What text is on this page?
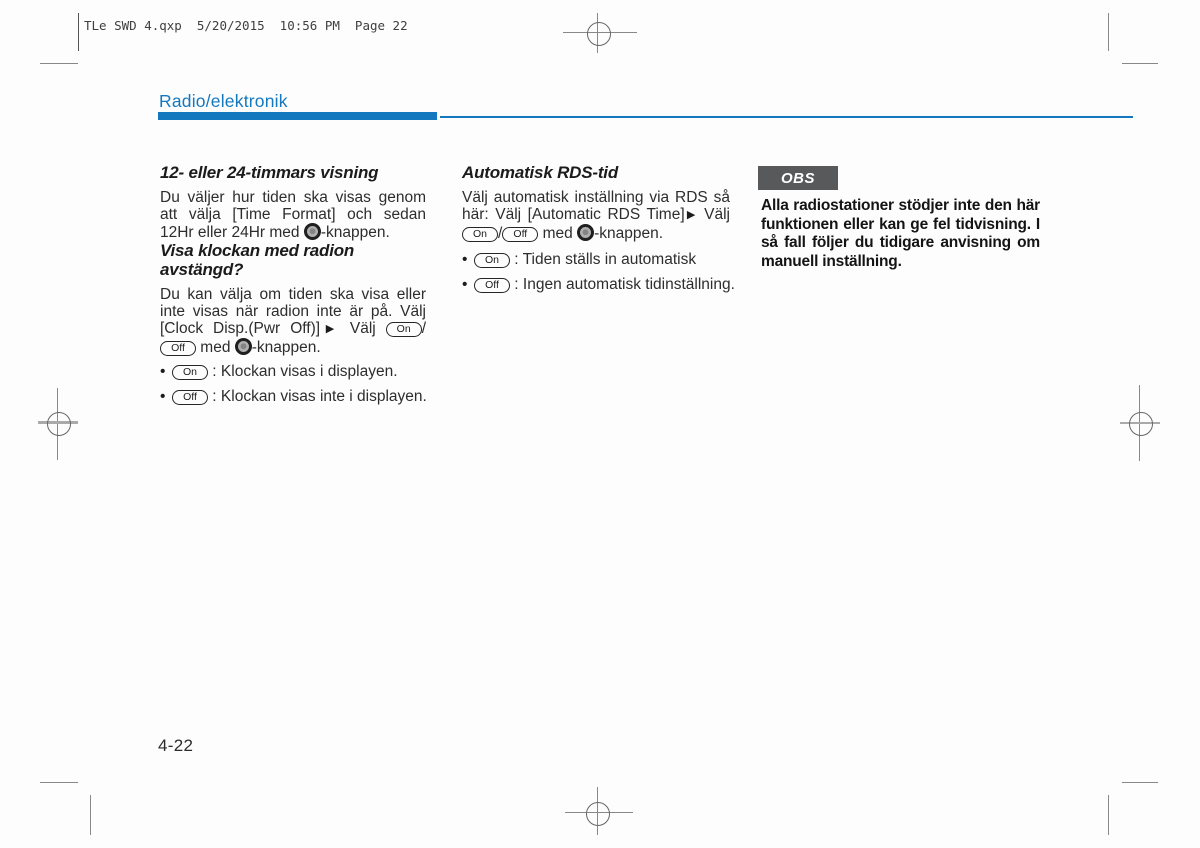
TLe SWD 4.qxp  5/20/2015  10:56 PM  Page 22
Radio/elektronik
12- eller 24-timmars visning

Du väljer hur tiden ska visas genom att välja [Time Format] och sedan 12Hr eller 24Hr med -knappen.

Visa klockan med radion avstängd?

Du kan välja om tiden ska visa eller inte visas när radion inte är på. Välj [Clock Disp.(Pwr Off)]▶ Välj On /Off med -knappen.

• On : Klockan visas i displayen.
• Off : Klockan visas inte i displayen.
Automatisk RDS-tid

Välj automatisk inställning via RDS så här: Välj [Automatic RDS Time]▶ Välj On / Off med -knappen.

• On : Tiden ställs in automatisk
• Off : Ingen automatisk tidinställning.
OBS

Alla radiostationer stödjer inte den här funktionen eller kan ge fel tidvisning. I så fall följer du tidigare anvisning om manuell inställning.

4-22
